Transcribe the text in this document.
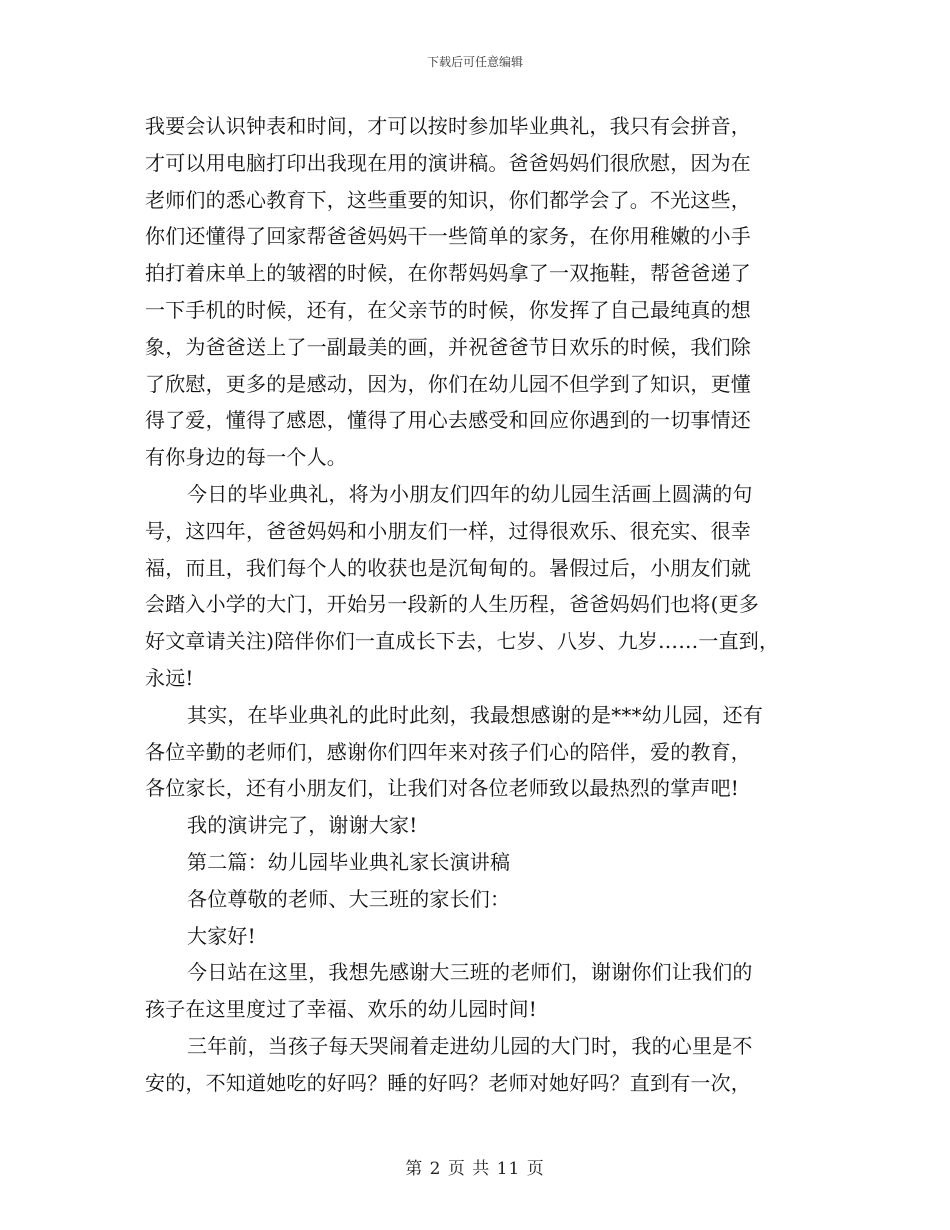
下载后可任意编辑
我要会认识钟表和时间，才可以按时参加毕业典礼，我只有会拼音，
才可以用电脑打印出我现在用的演讲稿。爸爸妈妈们很欣慰，因为在
老师们的悉心教育下，这些重要的知识，你们都学会了。不光这些，
你们还懂得了回家帮爸爸妈妈干一些简单的家务，在你用稚嫩的小手
拍打着床单上的皱褶的时候，在你帮妈妈拿了一双拖鞋，帮爸爸递了
一下手机的时候，还有，在父亲节的时候，你发挥了自己最纯真的想
象，为爸爸送上了一副最美的画，并祝爸爸节日欢乐的时候，我们除
了欣慰，更多的是感动，因为，你们在幼儿园不但学到了知识，更懂
得了爱，懂得了感恩，懂得了用心去感受和回应你遇到的一切事情还
有你身边的每一个人。
今日的毕业典礼，将为小朋友们四年的幼儿园生活画上圆满的句
号，这四年，爸爸妈妈和小朋友们一样，过得很欢乐、很充实、很幸
福，而且，我们每个人的收获也是沉甸甸的。暑假过后，小朋友们就
会踏入小学的大门，开始另一段新的人生历程，爸爸妈妈们也将(更多
好文章请关注)陪伴你们一直成长下去，七岁、八岁、九岁……一直到，
永远!
其实，在毕业典礼的此时此刻，我最想感谢的是***幼儿园，还有
各位辛勤的老师们，感谢你们四年来对孩子们心的陪伴，爱的教育，
各位家长，还有小朋友们，让我们对各位老师致以最热烈的掌声吧!
我的演讲完了，谢谢大家!
第二篇：幼儿园毕业典礼家长演讲稿
各位尊敬的老师、大三班的家长们：
大家好!
今日站在这里，我想先感谢大三班的老师们，谢谢你们让我们的
孩子在这里度过了幸福、欢乐的幼儿园时间!
三年前，当孩子每天哭闹着走进幼儿园的大门时，我的心里是不
安的，不知道她吃的好吗？睡的好吗？老师对她好吗？直到有一次，
第 2 页 共 11 页
